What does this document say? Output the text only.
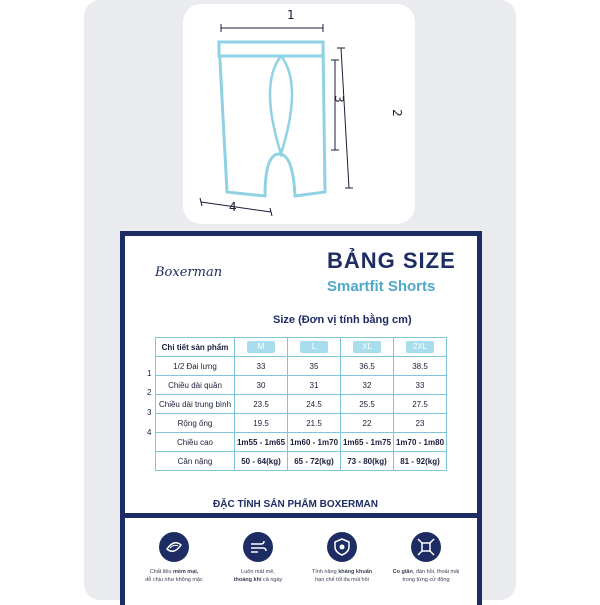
1
2
3
4
Boxerman	BẢNG SIZE
Smartfit Shorts
Size (Đơn vị tính bằng cm)
1
2
3
4
Chi tiết sản phẩm	M	L	XL	2XL
1/2 Đai lưng	33	35	36.5	38.5
Chiều dài quần	30	31	32	33
Chiều dài trung bình	23.5	24.5	25.5	27.5
Rộng ống	19.5	21.5	22	23
Chiều cao	1m55 - 1m65	1m60 - 1m70	1m65 - 1m75	1m70 - 1m80
Cân nặng	50 - 64(kg)	65 - 72(kg)	73 - 80(kg)	81 - 92(kg)
ĐẶC TÍNH SẢN PHẨM BOXERMAN
Chất liệu mềm mại,
dễ chịu như không mặc
Luôn mát mẻ,
thoáng khí cả ngày
Tính năng kháng khuẩn
hạn chế tối đa mùi hôi
Co giãn, đàn hồi, thoải mái
trong từng cử động
